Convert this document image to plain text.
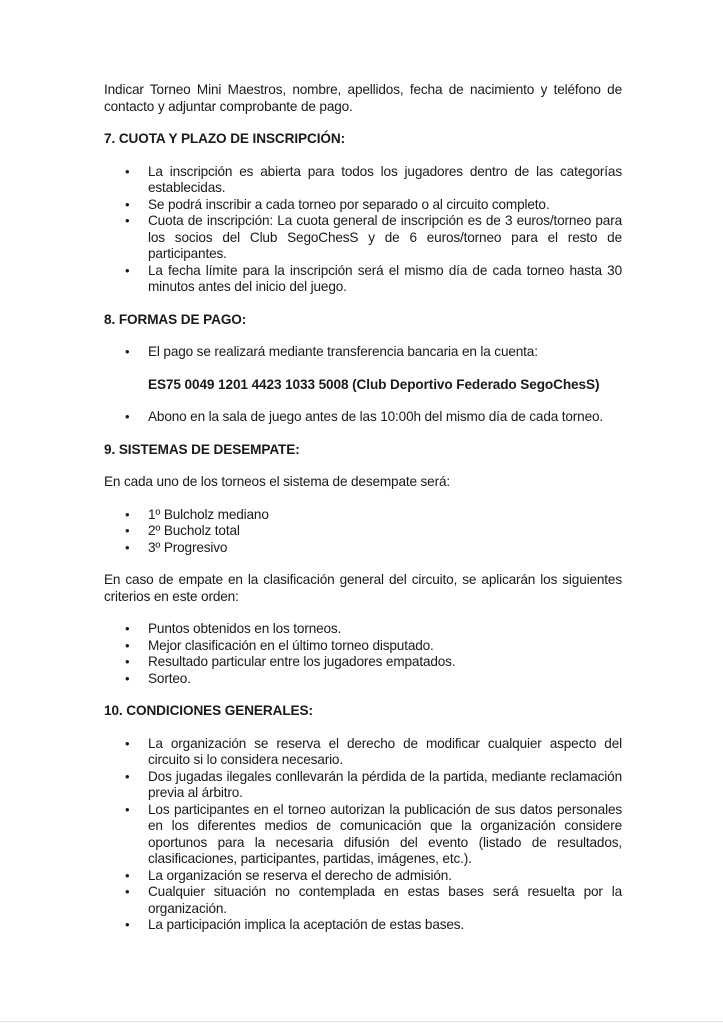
Indicar Torneo Mini Maestros, nombre, apellidos, fecha de nacimiento y teléfono de contacto y adjuntar comprobante de pago.

7. CUOTA Y PLAZO DE INSCRIPCIÓN:
• La inscripción es abierta para todos los jugadores dentro de las categorías establecidas.
• Se podrá inscribir a cada torneo por separado o al circuito completo.
• Cuota de inscripción: La cuota general de inscripción es de 3 euros/torneo para los socios del Club SegoChesS y de 6 euros/torneo para el resto de participantes.
• La fecha límite para la inscripción será el mismo día de cada torneo hasta 30 minutos antes del inicio del juego.
8. FORMAS DE PAGO:
• El pago se realizará mediante transferencia bancaria en la cuenta:

ES75 0049 1201 4423 1033 5008 (Club Deportivo Federado SegoChesS)

• Abono en la sala de juego antes de las 10:00h del mismo día de cada torneo.
9. SISTEMAS DE DESEMPATE:

En cada uno de los torneos el sistema de desempate será:

• 1º Bulcholz mediano
• 2º Bucholz total
• 3º Progresivo

En caso de empate en la clasificación general del circuito, se aplicarán los siguientes criterios en este orden:

• Puntos obtenidos en los torneos.
• Mejor clasificación en el último torneo disputado.
• Resultado particular entre los jugadores empatados.
• Sorteo.
10. CONDICIONES GENERALES:
• La organización se reserva el derecho de modificar cualquier aspecto del circuito si lo considera necesario.
• Dos jugadas ilegales conllevarán la pérdida de la partida, mediante reclamación previa al árbitro.
• Los participantes en el torneo autorizan la publicación de sus datos personales en los diferentes medios de comunicación que la organización considere oportunos para la necesaria difusión del evento (listado de resultados, clasificaciones, participantes, partidas, imágenes, etc.).
• La organización se reserva el derecho de admisión.
• Cualquier situación no contemplada en estas bases será resuelta por la organización.
• La participación implica la aceptación de estas bases.
